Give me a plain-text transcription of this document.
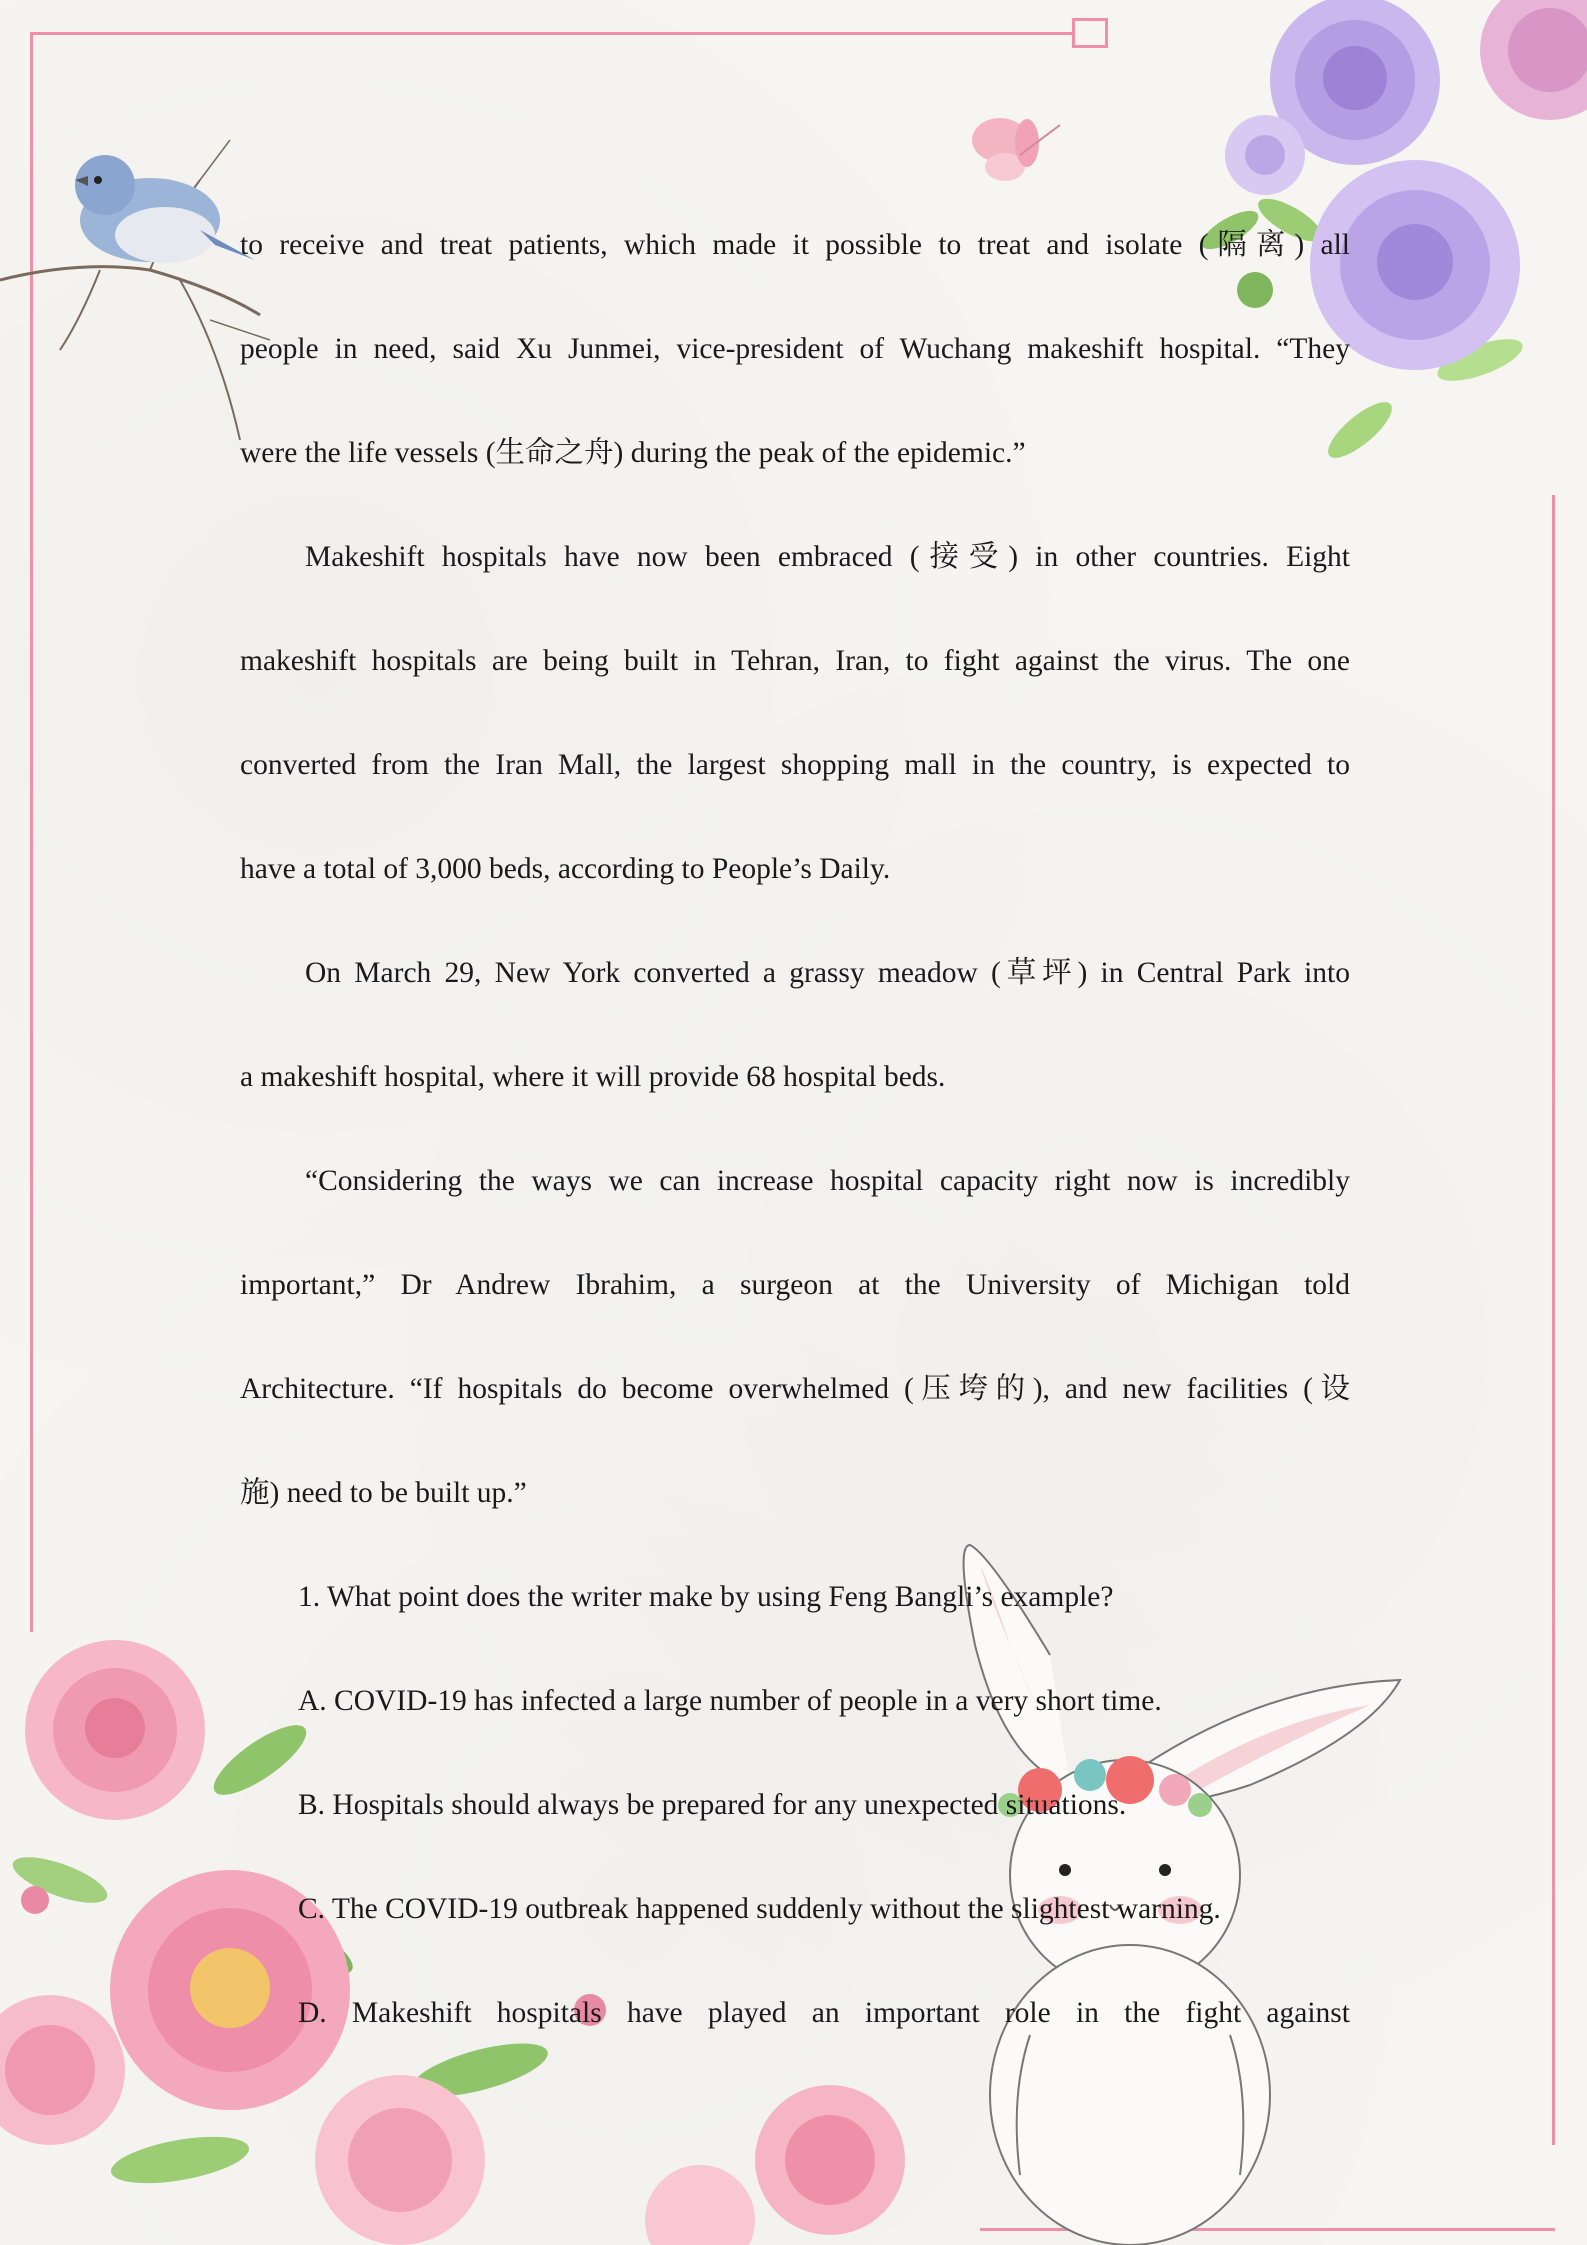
to receive and treat patients, which made it possible to treat and isolate (隔离) all
people in need, said Xu Junmei, vice-president of Wuchang makeshift hospital. “They
were the life vessels (生命之舟) during the peak of the epidemic.”
Makeshift hospitals have now been embraced (接受) in other countries. Eight
makeshift hospitals are being built in Tehran, Iran, to fight against the virus. The one
converted from the Iran Mall, the largest shopping mall in the country, is expected to
have a total of 3,000 beds, according to People’s Daily.
On March 29, New York converted a grassy meadow (草坪) in Central Park into
a makeshift hospital, where it will provide 68 hospital beds.
“Considering the ways we can increase hospital capacity right now is incredibly
important,” Dr Andrew Ibrahim, a surgeon at the University of Michigan told
Architecture. “If hospitals do become overwhelmed (压垮的), and new facilities (设
施) need to be built up.”
1. What point does the writer make by using Feng Bangli’s example?
A. COVID-19 has infected a large number of people in a very short time.
B. Hospitals should always be prepared for any unexpected situations.
C. The COVID-19 outbreak happened suddenly without the slightest warning.
D. Makeshift hospitals have played an important role in the fight against
